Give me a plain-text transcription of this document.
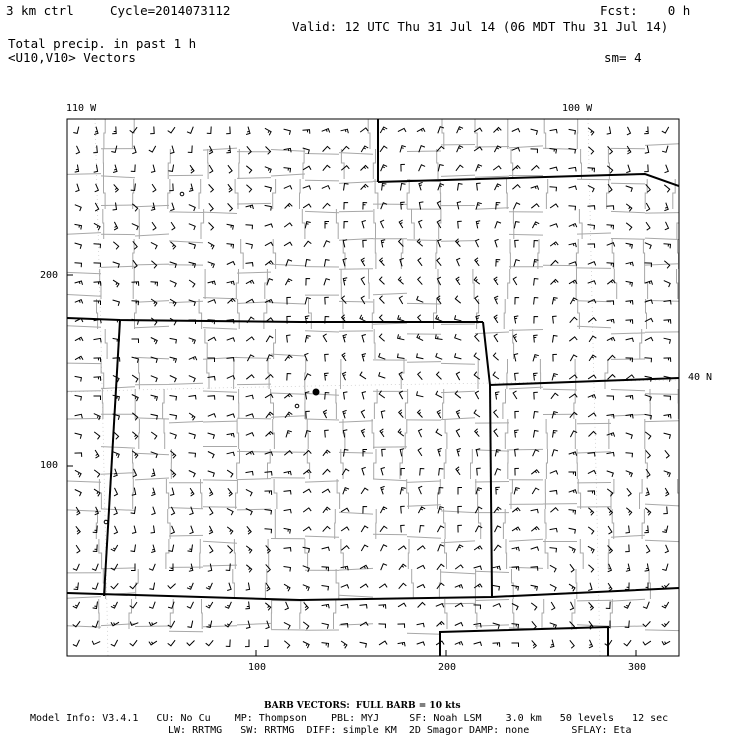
3 km ctrl	Cycle=2014073112	Fcst:    0 h
Valid: 12 UTC Thu 31 Jul 14 (06 MDT Thu 31 Jul 14)
Total precip. in past 1 h
<U10,V10> Vectors	sm= 4
110 W	100 W
40 N
200
100
100	200	300
BARB VECTORS:  FULL BARB = 10 kts
Model Info: V3.4.1   CU: No Cu    MP: Thompson    PBL: MYJ     SF: Noah LSM    3.0 km   50 levels   12 sec
LW: RRTMG   SW: RRTMG  DIFF: simple KM  2D Smagor DAMP: none       SFLAY: Eta
